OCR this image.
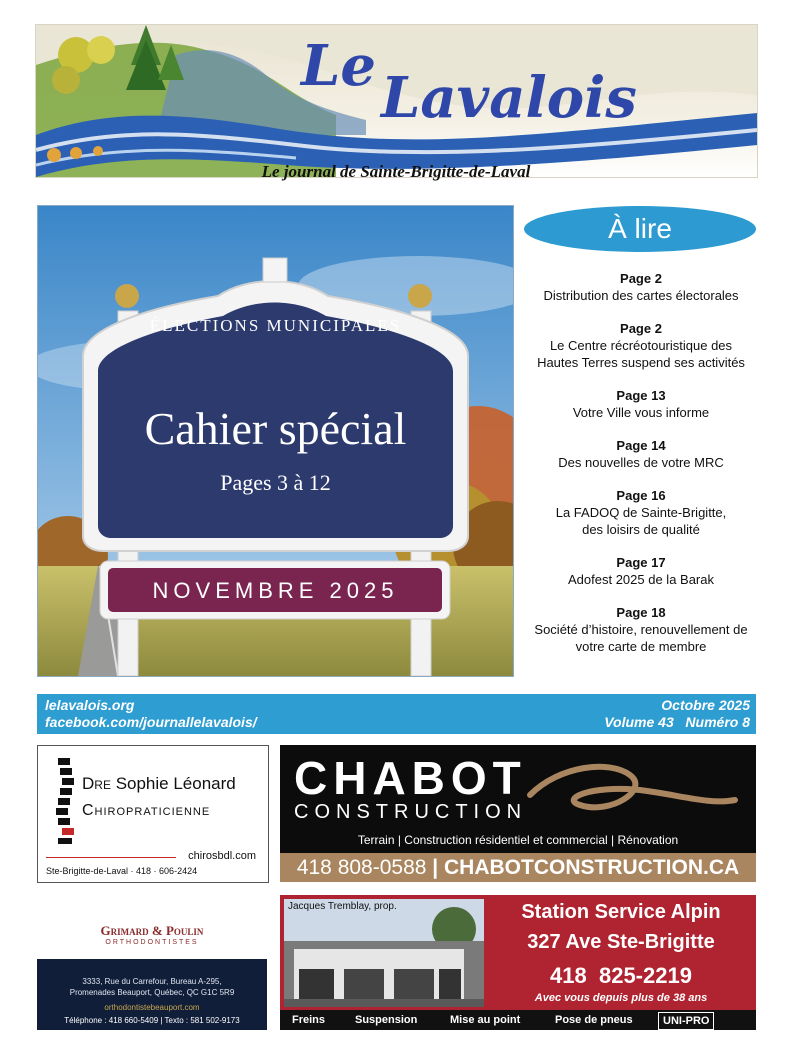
Le Lavalois
Le journal de Sainte-Brigitte-de-Laval
ÉLECTIONS MUNICIPALES
Cahier spécial
Pages 3 à 12
NOVEMBRE 2025
À lire
Page 2
Distribution des cartes électorales
Page 2
Le Centre récréotouristique des
Hautes Terres suspend ses activités
Page 13
Votre Ville vous informe
Page 14
Des nouvelles de votre MRC
Page 16
La FADOQ de Sainte-Brigitte,
des loisirs de qualité
Page 17
Adofest 2025 de la Barak
Page 18
Société d’histoire, renouvellement de
votre carte de membre
lelavalois.org
facebook.com/journallelavalois/
Octobre 2025
Volume 43 Numéro 8
Dre Sophie Léonard
Chiropraticienne
chirosbdl.com
Ste-Brigitte-de-Laval · 418 · 606-2424
CHABOT
CONSTRUCTION
Terrain | Construction résidentiel et commercial | Rénovation
418 808-0588 | CHABOTCONSTRUCTION.CA
Grimard & Poulin
ORTHODONTISTES
3333, Rue du Carrefour, Bureau A-295,
Promenades Beauport, Québec, QC G1C 5R9
orthodontistebeauport.com
Téléphone : 418 660-5409 | Texto : 581 502-9173
Jacques Tremblay, prop.	Station Service Alpin
327 Ave Ste-Brigitte
418  825-2219
Avec vous depuis plus de 38 ans
Freins	Suspension	Mise au point	Pose de pneus	UNI-PRO
